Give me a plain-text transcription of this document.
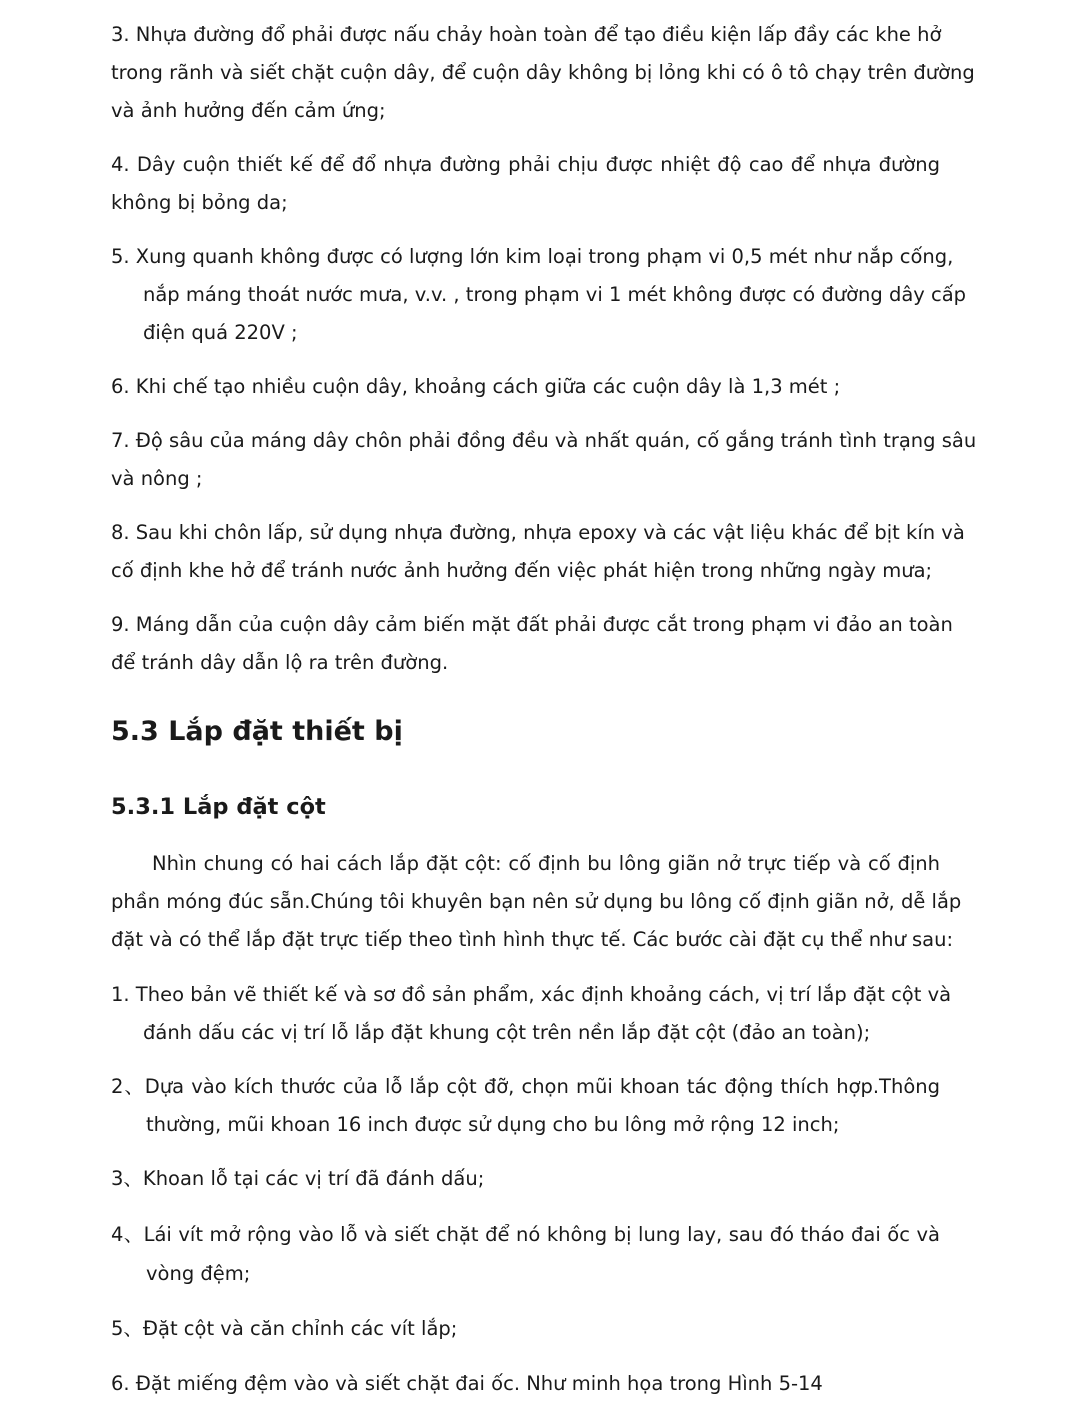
3. Nhựa đường đổ phải được nấu chảy hoàn toàn để tạo điều kiện lấp đầy các khe hở
trong rãnh và siết chặt cuộn dây, để cuộn dây không bị lỏng khi có ô tô chạy trên đường
và ảnh hưởng đến cảm ứng;
4. Dây cuộn thiết kế để đổ nhựa đường phải chịu được nhiệt độ cao để nhựa đường
không bị bỏng da;
5. Xung quanh không được có lượng lớn kim loại trong phạm vi 0,5 mét như nắp cống,
nắp máng thoát nước mưa, v.v. , trong phạm vi 1 mét không được có đường dây cấp
điện quá 220V ;
6. Khi chế tạo nhiều cuộn dây, khoảng cách giữa các cuộn dây là 1,3 mét ;
7. Độ sâu của máng dây chôn phải đồng đều và nhất quán, cố gắng tránh tình trạng sâu
và nông ;
8. Sau khi chôn lấp, sử dụng nhựa đường, nhựa epoxy và các vật liệu khác để bịt kín và
cố định khe hở để tránh nước ảnh hưởng đến việc phát hiện trong những ngày mưa;
9. Máng dẫn của cuộn dây cảm biến mặt đất phải được cắt trong phạm vi đảo an toàn
để tránh dây dẫn lộ ra trên đường.
5.3 Lắp đặt thiết bị
5.3.1 Lắp đặt cột
Nhìn chung có hai cách lắp đặt cột: cố định bu lông giãn nở trực tiếp và cố định
phần móng đúc sẵn.Chúng tôi khuyên bạn nên sử dụng bu lông cố định giãn nở, dễ lắp
đặt và có thể lắp đặt trực tiếp theo tình hình thực tế. Các bước cài đặt cụ thể như sau:
1. Theo bản vẽ thiết kế và sơ đồ sản phẩm, xác định khoảng cách, vị trí lắp đặt cột và
đánh dấu các vị trí lỗ lắp đặt khung cột trên nền lắp đặt cột (đảo an toàn);
2、Dựa vào kích thước của lỗ lắp cột đỡ, chọn mũi khoan tác động thích hợp.Thông
thường, mũi khoan 16 inch được sử dụng cho bu lông mở rộng 12 inch;
3、Khoan lỗ tại các vị trí đã đánh dấu;
4、Lái vít mở rộng vào lỗ và siết chặt để nó không bị lung lay, sau đó tháo đai ốc và
vòng đệm;
5、Đặt cột và căn chỉnh các vít lắp;
6. Đặt miếng đệm vào và siết chặt đai ốc. Như minh họa trong Hình 5-14
